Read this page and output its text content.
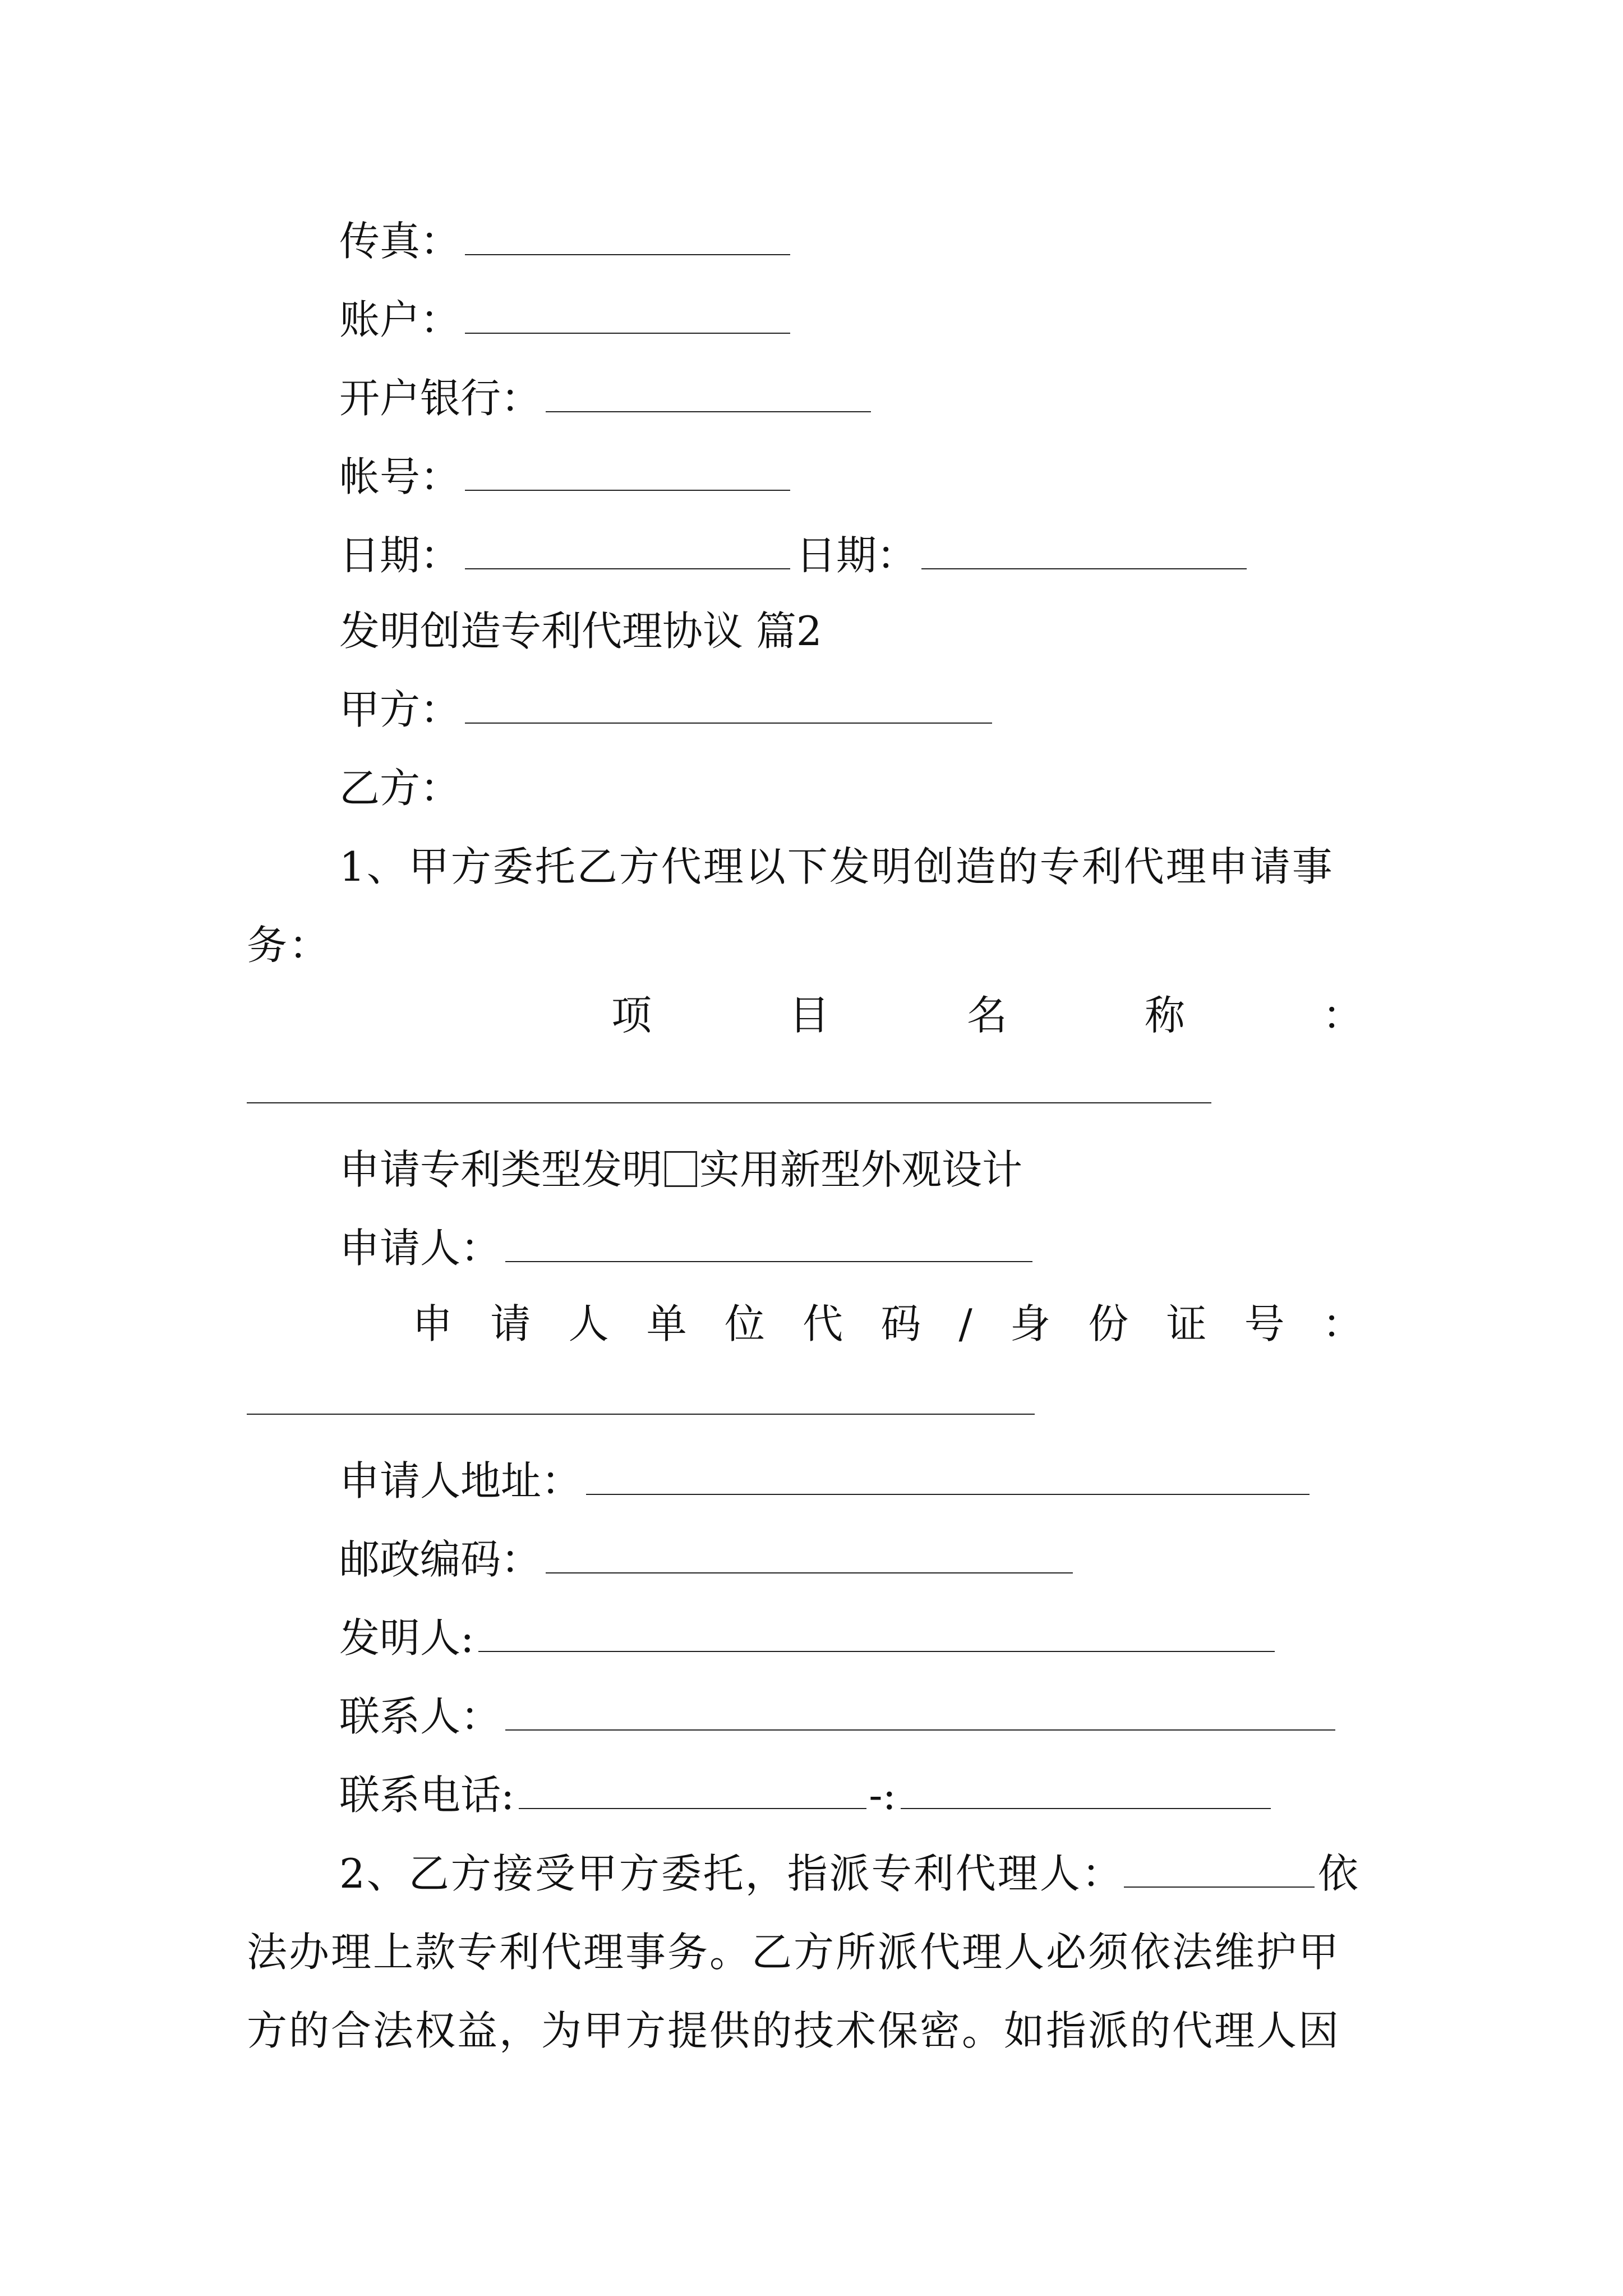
传真：
账户：
开户银行：
帐号：
日期：	日期：
发明创造专利代理协议 篇2
甲方：
乙方：
1、甲方委托乙方代理以下发明创造的专利代理申请事务：
项	目	名	称	：
申请专利类型发明 实用新型外观设计
申请人：
申 请 人 单 位 代 码 / 身 份 证 号 ：
申请人地址：
邮政编码：
发明人:
联系人：
联系电话:	-:
2、乙方接受甲方委托，指派专利代理人：	依法办理上款专利代理事务。乙方所派代理人必须依法维护甲方的合法权益，为甲方提供的技术保密。如指派的代理人因
